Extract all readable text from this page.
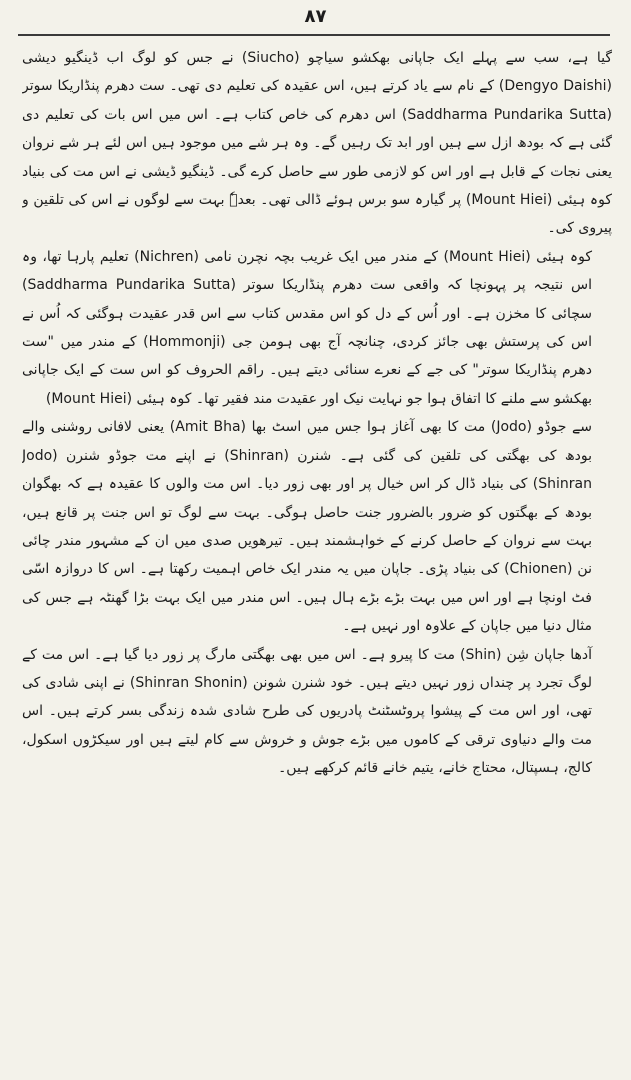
٨٧

گیا ہے، سب سے پہلے ایک جاپانی بھکشو سیاچو (Siucho) نے جس کو لوگ اب ڈینگیو دیشی (Dengyo Daishi) کے نام سے یاد کرتے ہیں، اس عقیدہ کی تعلیم دی تھی۔ ست دھرم پنڈاریکا سوتر (Saddharma Pundarika Sutta) اس دھرم کی خاص کتاب ہے۔ اس میں اس بات کی تعلیم دی گئی ہے کہ بودھ ازل سے ہیں اور ابد تک رہیں گے۔ وہ ہر شے میں موجود ہیں اس لئے ہر شے نروان یعنی نجات کے قابل ہے اور اس کو لازمی طور سے حاصل کرے گی۔ ڈینگیو ڈیشی نے اس مت کی بنیاد کوہ ہیئی (Mount Hiei) پر گیارہ سو برس ہوئے ڈالی تھی۔ بعدہٗ بہت سے لوگوں نے اس کی تلقین و پیروی کی۔

کوہ ہیئی (Mount Hiei) کے مندر میں ایک غریب بچہ نچرن نامی (Nichren) تعلیم پارہا تھا، وہ اس نتیجہ پر پہونچا کہ واقعی ست دھرم پنڈاریکا سوتر (Saddharma Pundarika Sutta) سچائی کا مخزن ہے۔ اور اُس کے دل کو اس مقدس کتاب سے اس قدر عقیدت ہوگئی کہ اُس نے اس کی پرستش بھی جائز کردی، چنانچہ آج بھی ہومن جی (Hommonji) کے مندر میں "ست دھرم پنڈاریکا سوتر" کی جے کے نعرے سنائی دیتے ہیں۔ راقم الحروف کو اس ست کے ایک جاپانی بھکشو سے ملنے کا اتفاق ہوا جو نہایت نیک اور عقیدت مند فقیر تھا۔ کوہ ہیئی (Mount Hiei)

سے جوڈو (Jodo) مت کا بھی آغاز ہوا جس میں اسٹ بھا (Amit Bha) یعنی لافانی روشنی والے بودھ کی بھگتی کی تلقین کی گئی ہے۔ شنرن (Shinran) نے اپنے مت جوڈو شنرن (Jodo Shinran) کی بنیاد ڈال کر اس خیال پر اور بھی زور دیا۔ اس مت والوں کا عقیدہ ہے کہ بھگوان بودھ کے بھگتوں کو ضرور بالضرور جنت حاصل ہوگی۔ بہت سے لوگ تو اس جنت پر قانع ہیں، بہت سے نروان کے حاصل کرنے کے خواہشمند ہیں۔ تیرھویں صدی میں ان کے مشہور مندر چائی نن (Chionen) کی بنیاد پڑی۔ جاپان میں یہ مندر ایک خاص اہمیت رکھتا ہے۔ اس کا دروازہ اسّی فٹ اونچا ہے اور اس میں بہت بڑے بڑے ہال ہیں۔ اس مندر میں ایک بہت بڑا گھنٹہ ہے جس کی مثال دنیا میں جاپان کے علاوہ اور نہیں ہے۔

آدھا جاپان شِن (Shin) مت کا پیرو ہے۔ اس میں بھی بھگتی مارگ پر زور دیا گیا ہے۔ اس مت کے لوگ تجرد پر چنداں زور نہیں دیتے ہیں۔ خود شنرن شونن (Shinran Shonin) نے اپنی شادی کی تھی، اور اس مت کے پیشوا پروٹسٹنٹ پادریوں کی طرح شادی شدہ زندگی بسر کرتے ہیں۔ اس مت والے دنیاوی ترقی کے کاموں میں بڑے جوش و خروش سے کام لیتے ہیں اور سیکڑوں اسکول، کالج، ہسپتال، محتاج خانے، یتیم خانے قائم کرکھے ہیں۔
